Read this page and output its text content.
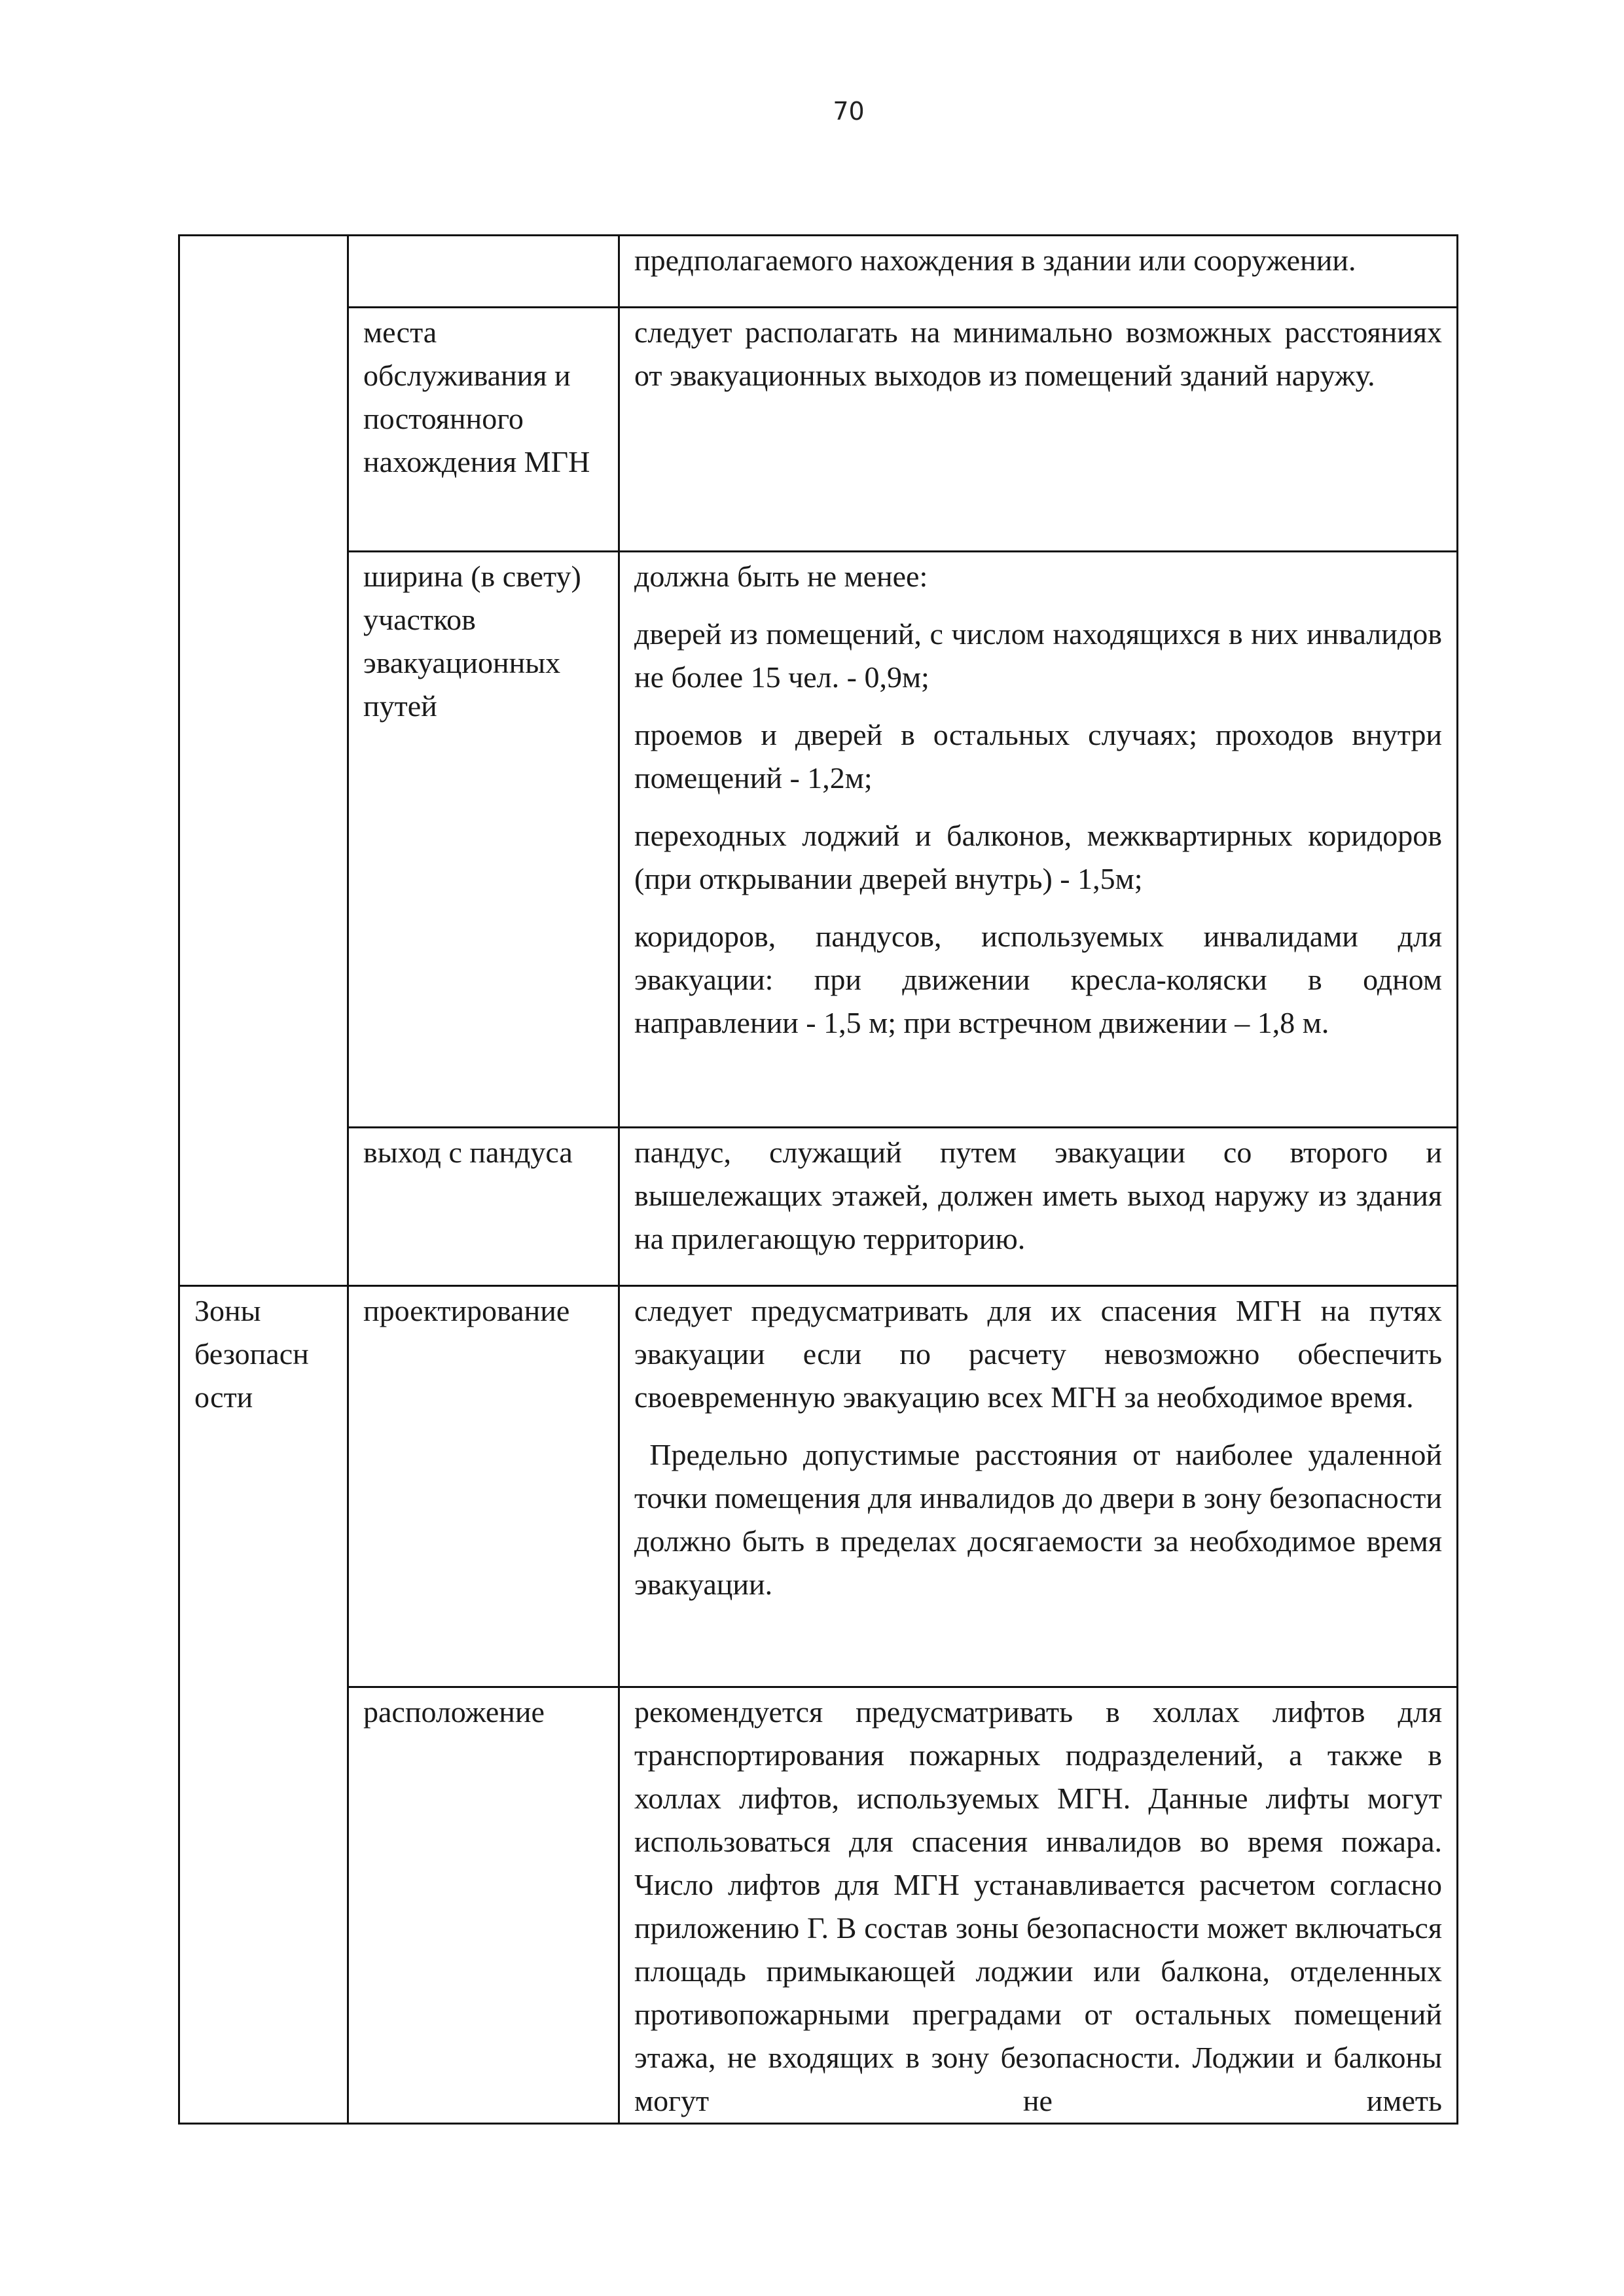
70

		предполагаемого нахождения в здании или сооружении.

	места обслуживания и постоянного нахождения МГН	следует располагать на минимально возможных расстояниях от эвакуационных выходов из помещений зданий наружу.

	ширина (в свету) участков эвакуационных путей	должна быть не менее:

дверей из помещений, с числом находящихся в них инвалидов не более 15 чел. - 0,9м;

проемов и дверей в остальных случаях; проходов внутри помещений - 1,2м;

переходных лоджий и балконов, межквартирных коридоров (при открывании дверей внутрь) - 1,5м;

коридоров, пандусов, используемых инвалидами для эвакуации: при движении кресла-коляски в одном направлении - 1,5 м; при встречном движении – 1,8 м.

	выход с пандуса	пандус, служащий путем эвакуации со второго и вышележащих этажей, должен иметь выход наружу из здания на прилегающую территорию.

Зоны безопасн ости	проектирование	следует предусматривать для их спасения МГН на путях эвакуации если по расчету невозможно обеспечить своевременную эвакуацию всех МГН за необходимое время.

Предельно допустимые расстояния от наиболее удаленной точки помещения для инвалидов до двери в зону безопасности должно быть в пределах досягаемости за необходимое время эвакуации.

	расположение	рекомендуется предусматривать в холлах лифтов для транспортирования пожарных подразделений, а также в холлах лифтов, используемых МГН. Данные лифты могут использоваться для спасения инвалидов во время пожара. Число лифтов для МГН устанавливается расчетом согласно приложению Г. В состав зоны безопасности может включаться площадь примыкающей лоджии или балкона, отделенных противопожарными преградами от остальных помещений этажа, не входящих в зону безопасности. Лоджии и балконы могут не иметь
